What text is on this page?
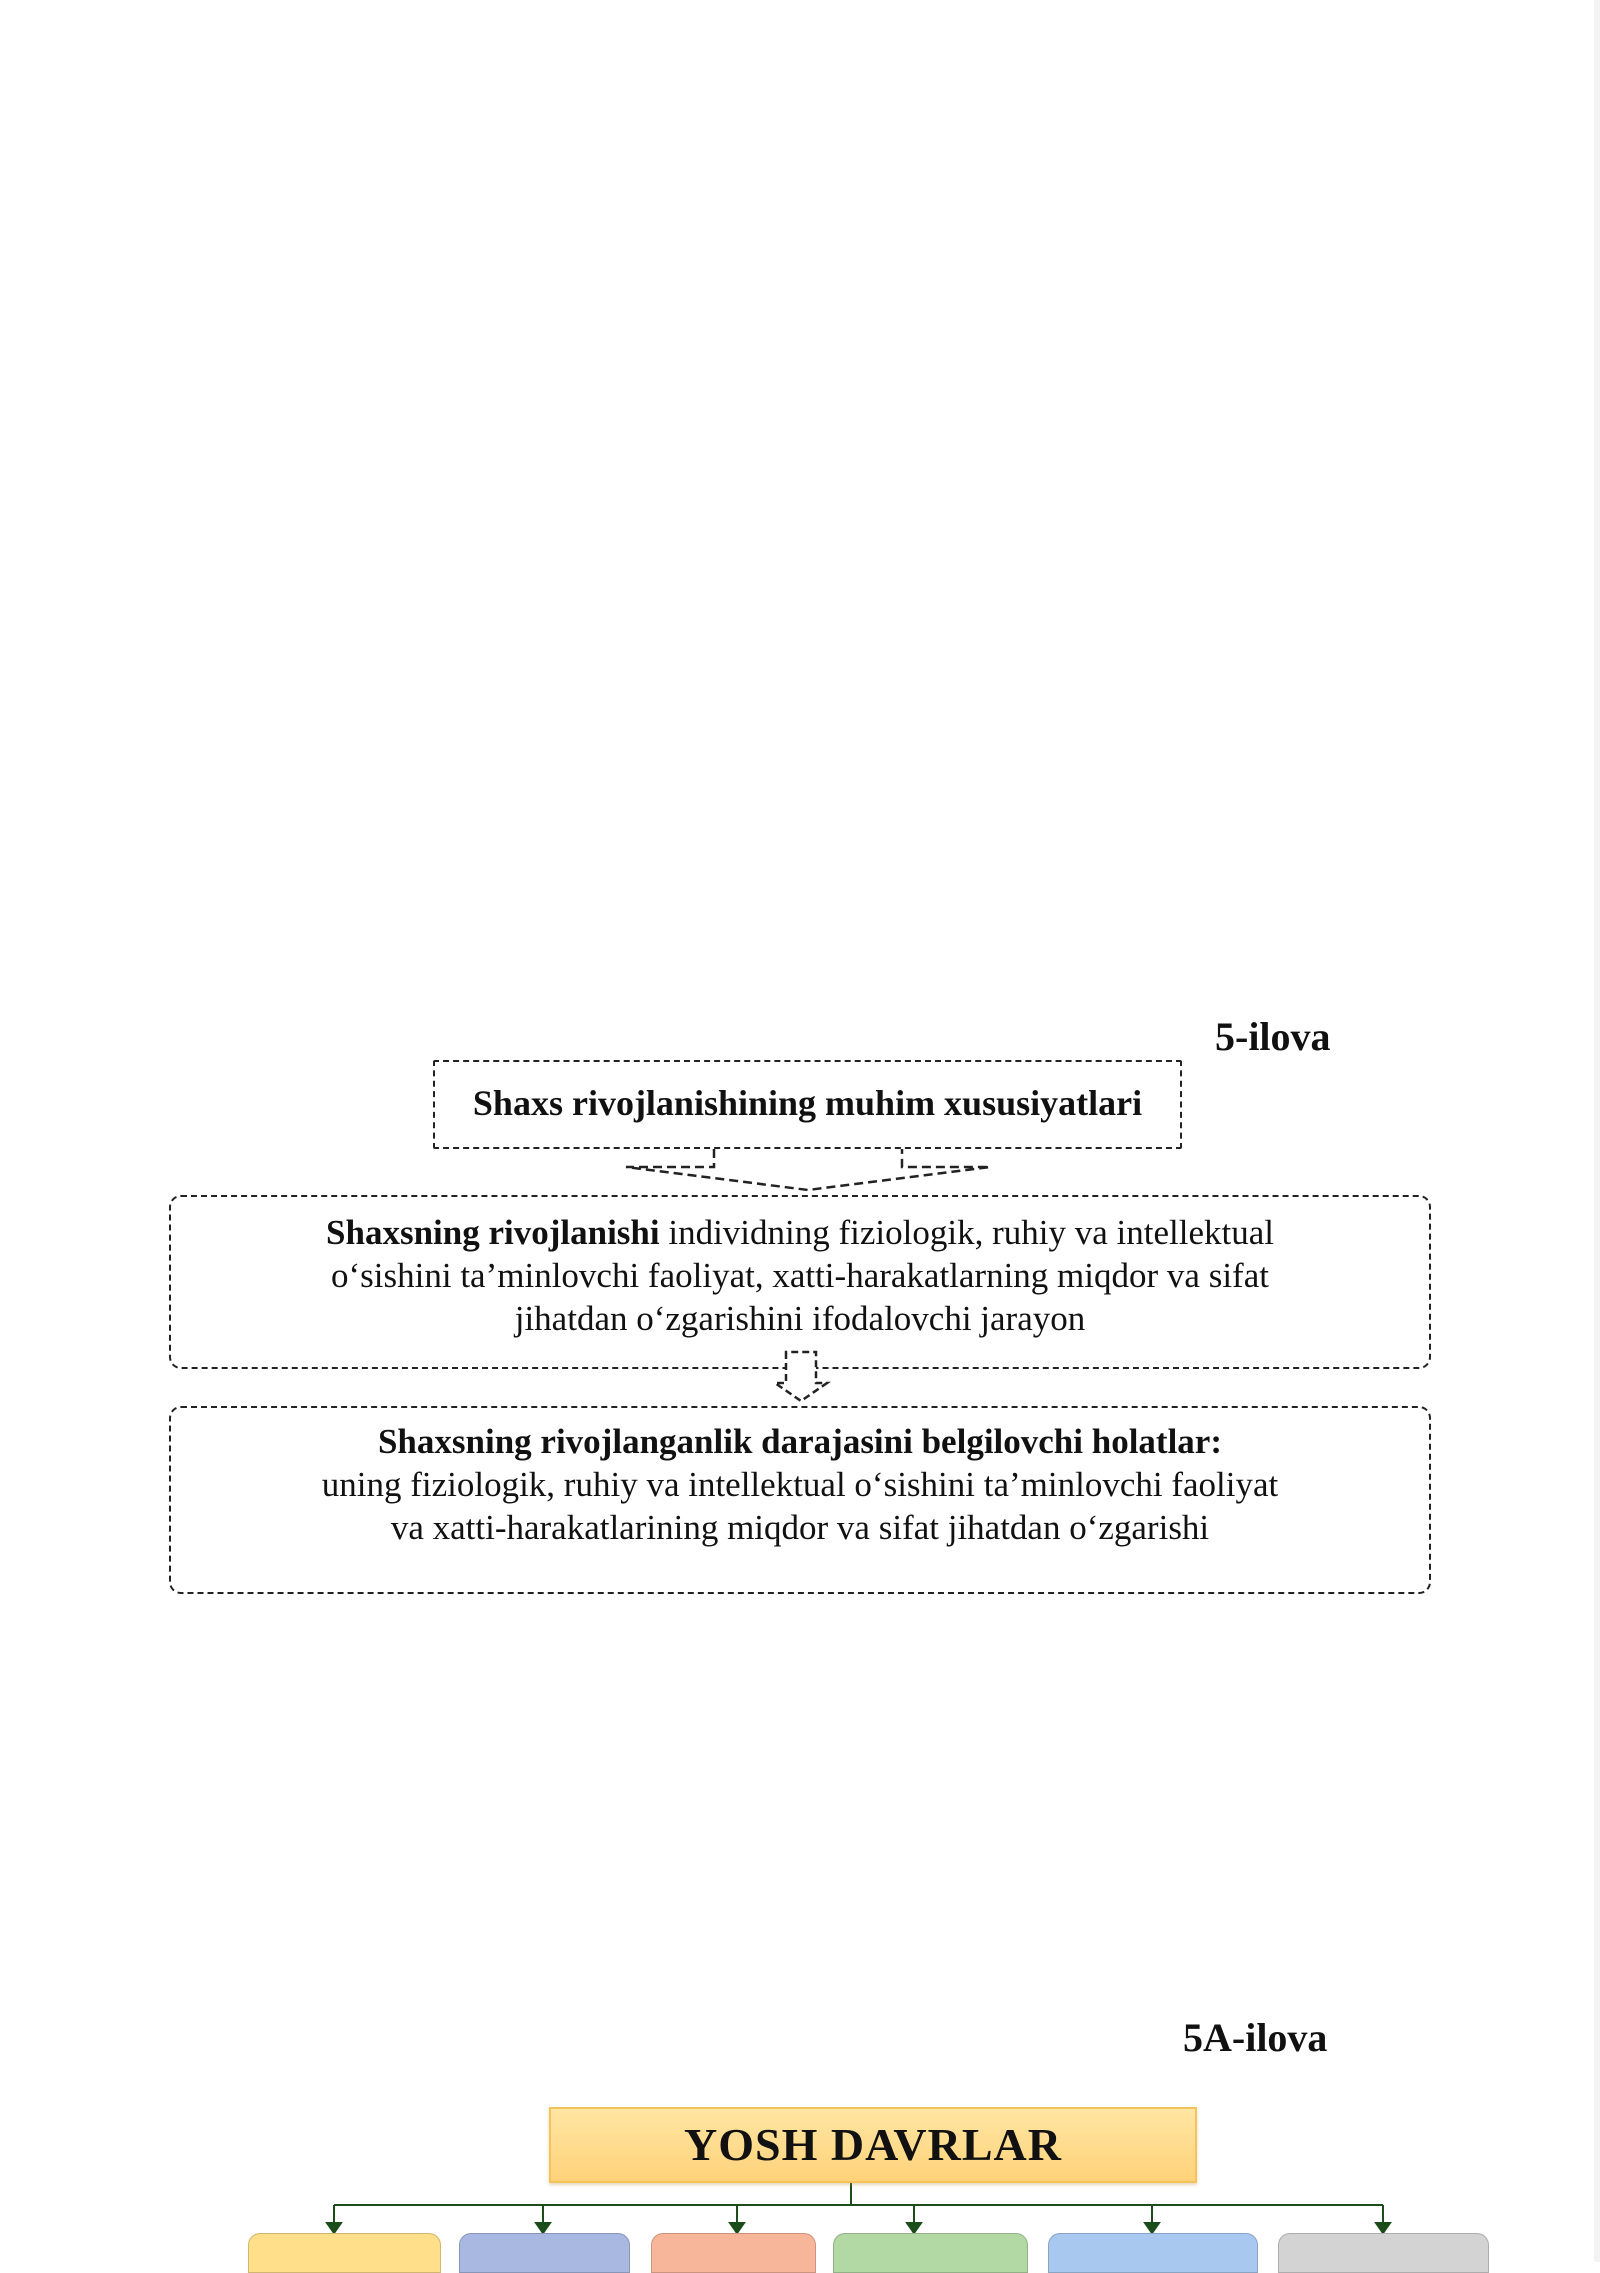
5-ilova
Shaxs rivojlanishining muhim xususiyatlari
Shaxsning rivojlanishi individning fiziologik, ruhiy va intellektual
o‘sishini ta’minlovchi faoliyat, xatti-harakatlarning miqdor va sifat
jihatdan o‘zgarishini ifodalovchi jarayon
Shaxsning rivojlanganlik darajasini belgilovchi holatlar:
uning fiziologik, ruhiy va intellektual o‘sishini ta’minlovchi faoliyat
va xatti-harakatlarining miqdor va sifat jihatdan o‘zgarishi
5A-ilova
YOSH DAVRLAR
